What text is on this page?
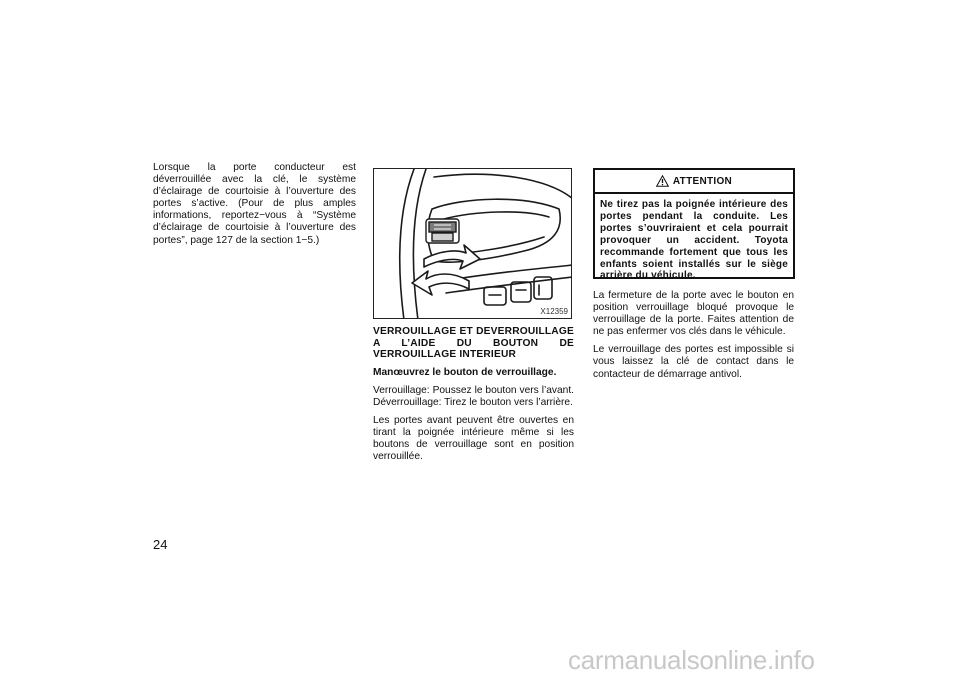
Lorsque la porte conducteur est déverrouillée avec la clé, le système d’éclairage de courtoisie à l’ouverture des portes s’active. (Pour de plus amples informations, reportez−vous à “Système d’éclairage de courtoisie à l’ouverture des portes”, page 127 de la section 1−5.)

X12359

VERROUILLAGE ET DEVERROUILLAGE A L’AIDE DU BOUTON DE VERROUILLAGE INTERIEUR

Manœuvrez le bouton de verrouillage.

Verrouillage: Poussez le bouton vers l’avant. Déverrouillage: Tirez le bouton vers l’arrière.

Les portes avant peuvent être ouvertes en tirant la poignée intérieure même si les boutons de verrouillage sont en position verrouillée.

ATTENTION
Ne tirez pas la poignée intérieure des portes pendant la conduite. Les portes s’ouvriraient et cela pourrait provoquer un accident. Toyota recommande fortement que tous les enfants soient installés sur le siège arrière du véhicule.

La fermeture de la porte avec le bouton en position verrouillage bloqué provoque le verrouillage de la porte. Faites attention de ne pas enfermer vos clés dans le véhicule.

Le verrouillage des portes est impossible si vous laissez la clé de contact dans le contacteur de démarrage antivol.

24
carmanualsonline.info
